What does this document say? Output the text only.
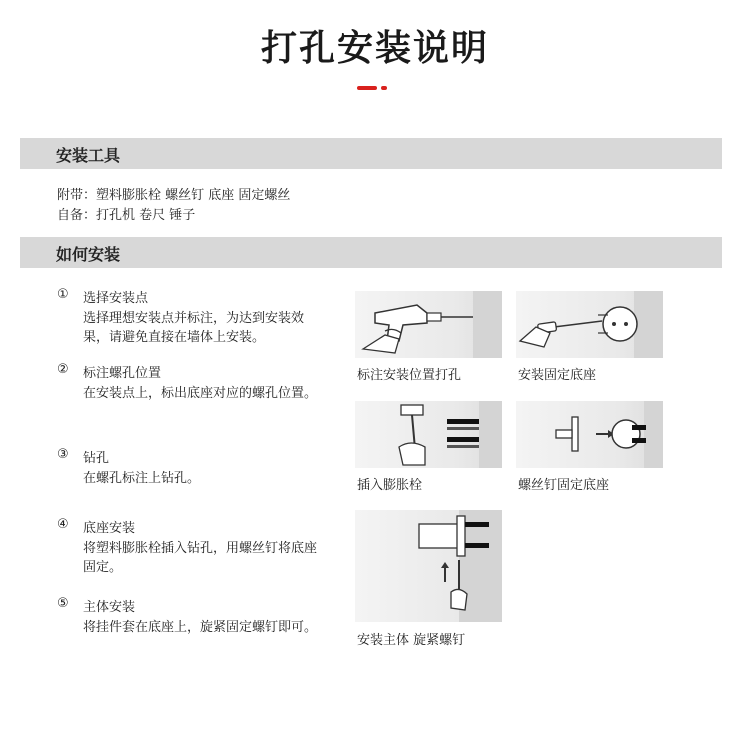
打孔安装说明
安装工具
附带：塑料膨胀栓 螺丝钉 底座 固定螺丝
自备：打孔机 卷尺 锤子
如何安装
① 选择安装点
选择理想安装点并标注，为达到安装效果，请避免直接在墙体上安装。
② 标注螺孔位置
在安装点上，标出底座对应的螺孔位置。
③ 钻孔
在螺孔标注上钻孔。
④ 底座安装
将塑料膨胀栓插入钻孔，用螺丝钉将底座固定。
⑤ 主体安装
将挂件套在底座上，旋紧固定螺钉即可。
标注安装位置打孔	安装固定底座
插入膨胀栓	螺丝钉固定底座
安装主体 旋紧螺钉
